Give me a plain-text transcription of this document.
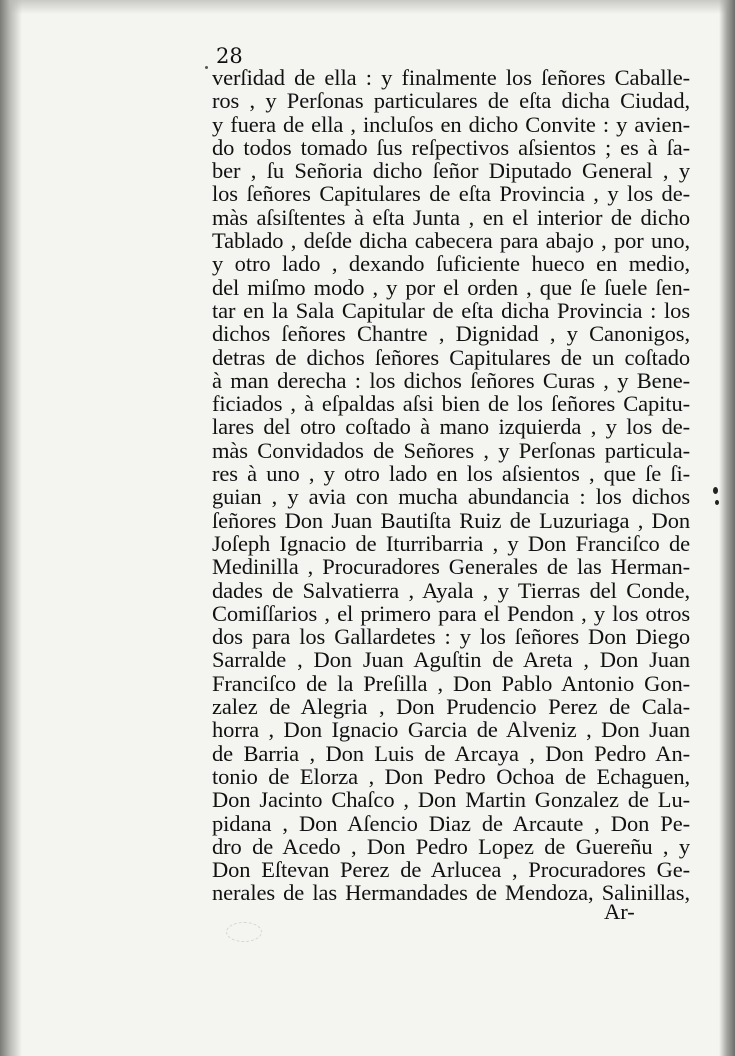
28
verſidad de ella : y finalmente los ſeñores Caballe-
ros , y Perſonas particulares de eſta dicha Ciudad,
y fuera de ella , incluſos en dicho Convite : y avien-
do todos tomado ſus reſpectivos aſsientos ; es à ſa-
ber , ſu Señoria dicho ſeñor Diputado General , y
los ſeñores Capitulares de eſta Provincia , y los de-
màs aſsiſtentes à eſta Junta , en el interior de dicho
Tablado , deſde dicha cabecera para abajo , por uno,
y otro lado , dexando ſuficiente hueco en medio,
del miſmo modo , y por el orden , que ſe ſuele ſen-
tar en la Sala Capitular de eſta dicha Provincia : los
dichos ſeñores Chantre , Dignidad , y Canonigos,
detras de dichos ſeñores Capitulares de un coſtado
à man derecha : los dichos ſeñores Curas , y Bene-
ficiados , à eſpaldas aſsi bien de los ſeñores Capitu-
lares del otro coſtado à mano izquierda , y los de-
màs Convidados de Señores , y Perſonas particula-
res à uno , y otro lado en los aſsientos , que ſe ſi-
guian , y avia con mucha abundancia : los dichos
ſeñores Don Juan Bautiſta Ruiz de Luzuriaga , Don
Joſeph Ignacio de Iturribarria , y Don Franciſco de
Medinilla , Procuradores Generales de las Herman-
dades de Salvatierra , Ayala , y Tierras del Conde,
Comiſſarios , el primero para el Pendon , y los otros
dos para los Gallardetes : y los ſeñores Don Diego
Sarralde , Don Juan Aguſtin de Areta , Don Juan
Franciſco de la Preſilla , Don Pablo Antonio Gon-
zalez de Alegria , Don Prudencio Perez de Cala-
horra , Don Ignacio Garcia de Alveniz , Don Juan
de Barria , Don Luis de Arcaya , Don Pedro An-
tonio de Elorza , Don Pedro Ochoa de Echaguen,
Don Jacinto Chaſco , Don Martin Gonzalez de Lu-
pidana , Don Aſencio Diaz de Arcaute , Don Pe-
dro de Acedo , Don Pedro Lopez de Guereñu , y
Don Eſtevan Perez de Arlucea , Procuradores Ge-
nerales de las Hermandades de Mendoza, Salinillas,
Ar-
